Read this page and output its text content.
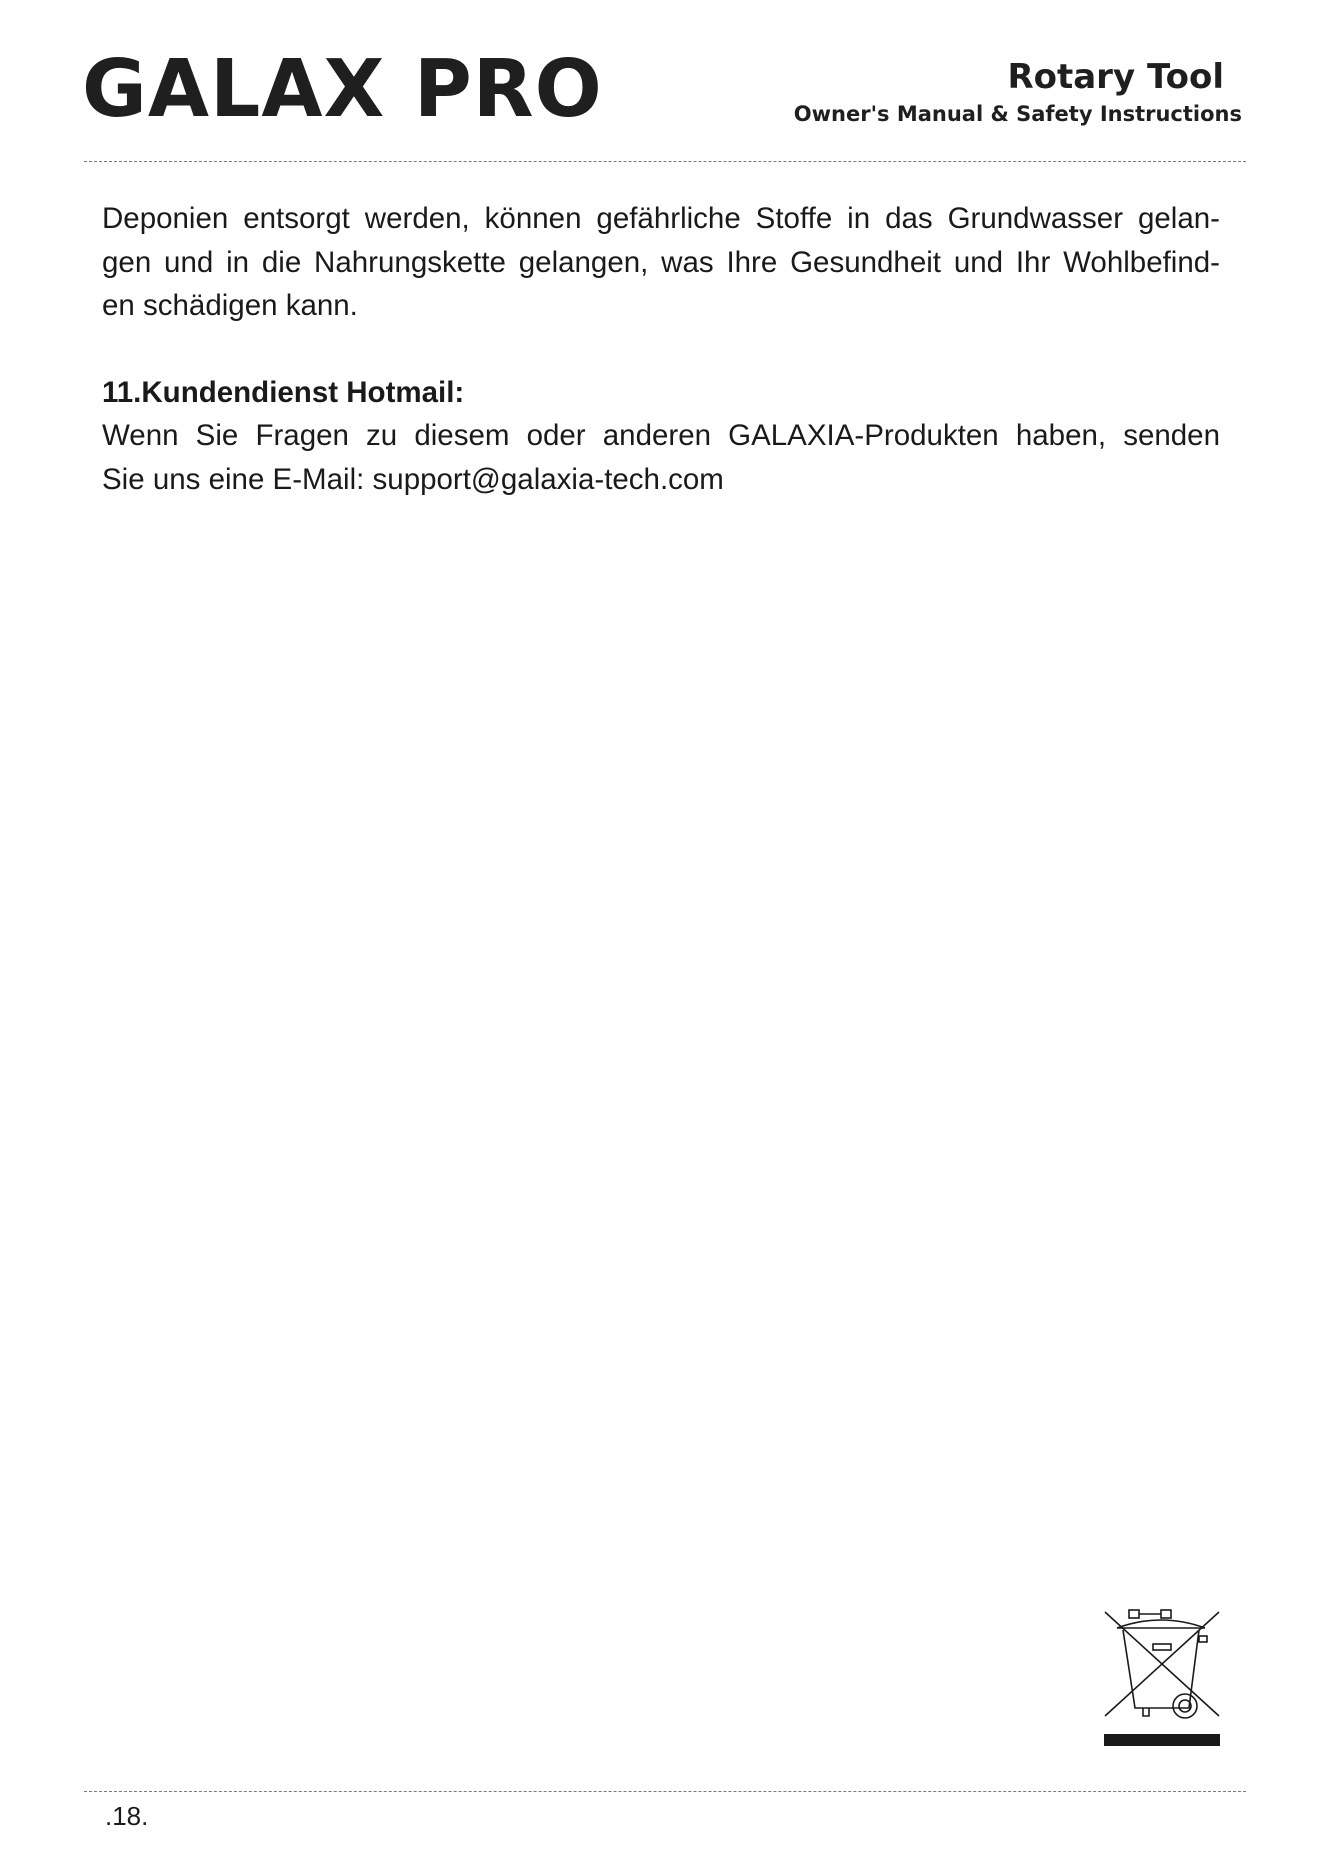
GALAX PRO	Rotary Tool
Owner's Manual & Safety Instructions

Deponien entsorgt werden, können gefährliche Stoffe in das Grundwasser gelan-
gen und in die Nahrungskette gelangen, was Ihre Gesundheit und Ihr Wohlbefind-
en schädigen kann.

11.Kundendienst Hotmail:

Wenn Sie Fragen zu diesem oder anderen GALAXIA-Produkten haben, senden
Sie uns eine E-Mail: support@galaxia-tech.com

.18.
